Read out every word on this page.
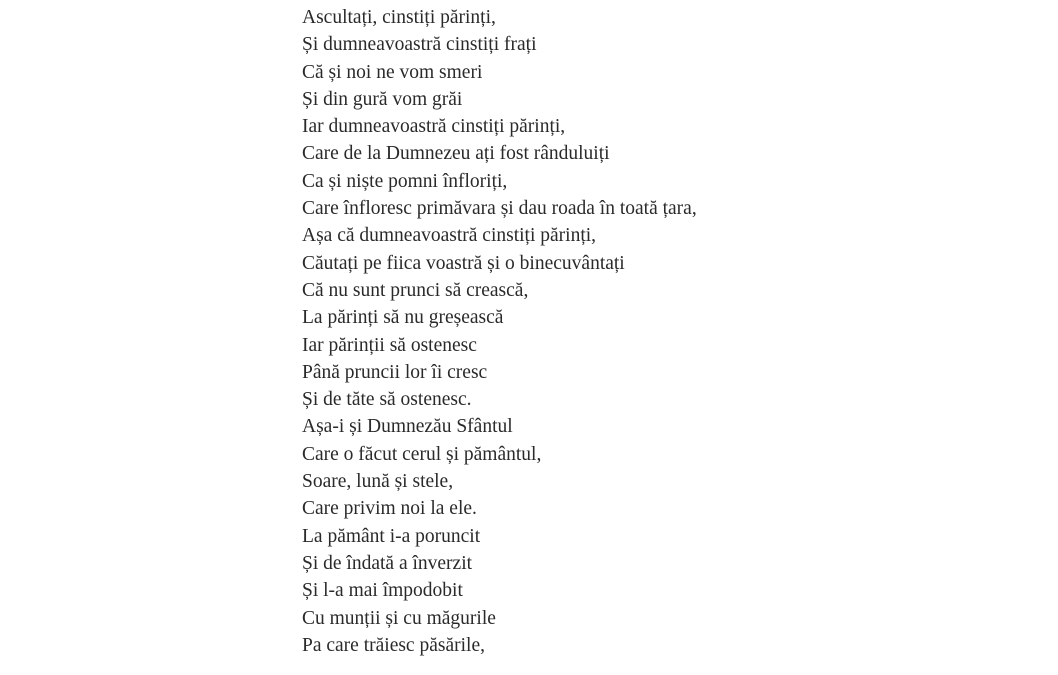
Ascultați, cinstiți părinți,
Și dumneavoastră cinstiți frați
Că și noi ne vom smeri
Și din gură vom grăi
Iar dumneavoastră cinstiți părinți,
Care de la Dumnezeu ați fost rânduluiți
Ca și niște pomni înfloriți,
Care înfloresc primăvara și dau roada în toată țara,
Așa că dumneavoastră cinstiți părinți,
Căutați pe fiica voastră și o binecuvântați
Că nu sunt prunci să crească,
La părinți să nu greșească
Iar părinții să ostenesc
Până pruncii lor îi cresc
Și de tăte să ostenesc.
Așa-i și Dumnezău Sfântul
Care o făcut cerul și pământul,
Soare, lună și stele,
Care privim noi la ele.
La pământ i-a poruncit
Și de îndată a înverzit
Și l-a mai împodobit
Cu munții și cu măgurile
Pa care trăiesc păsările,
